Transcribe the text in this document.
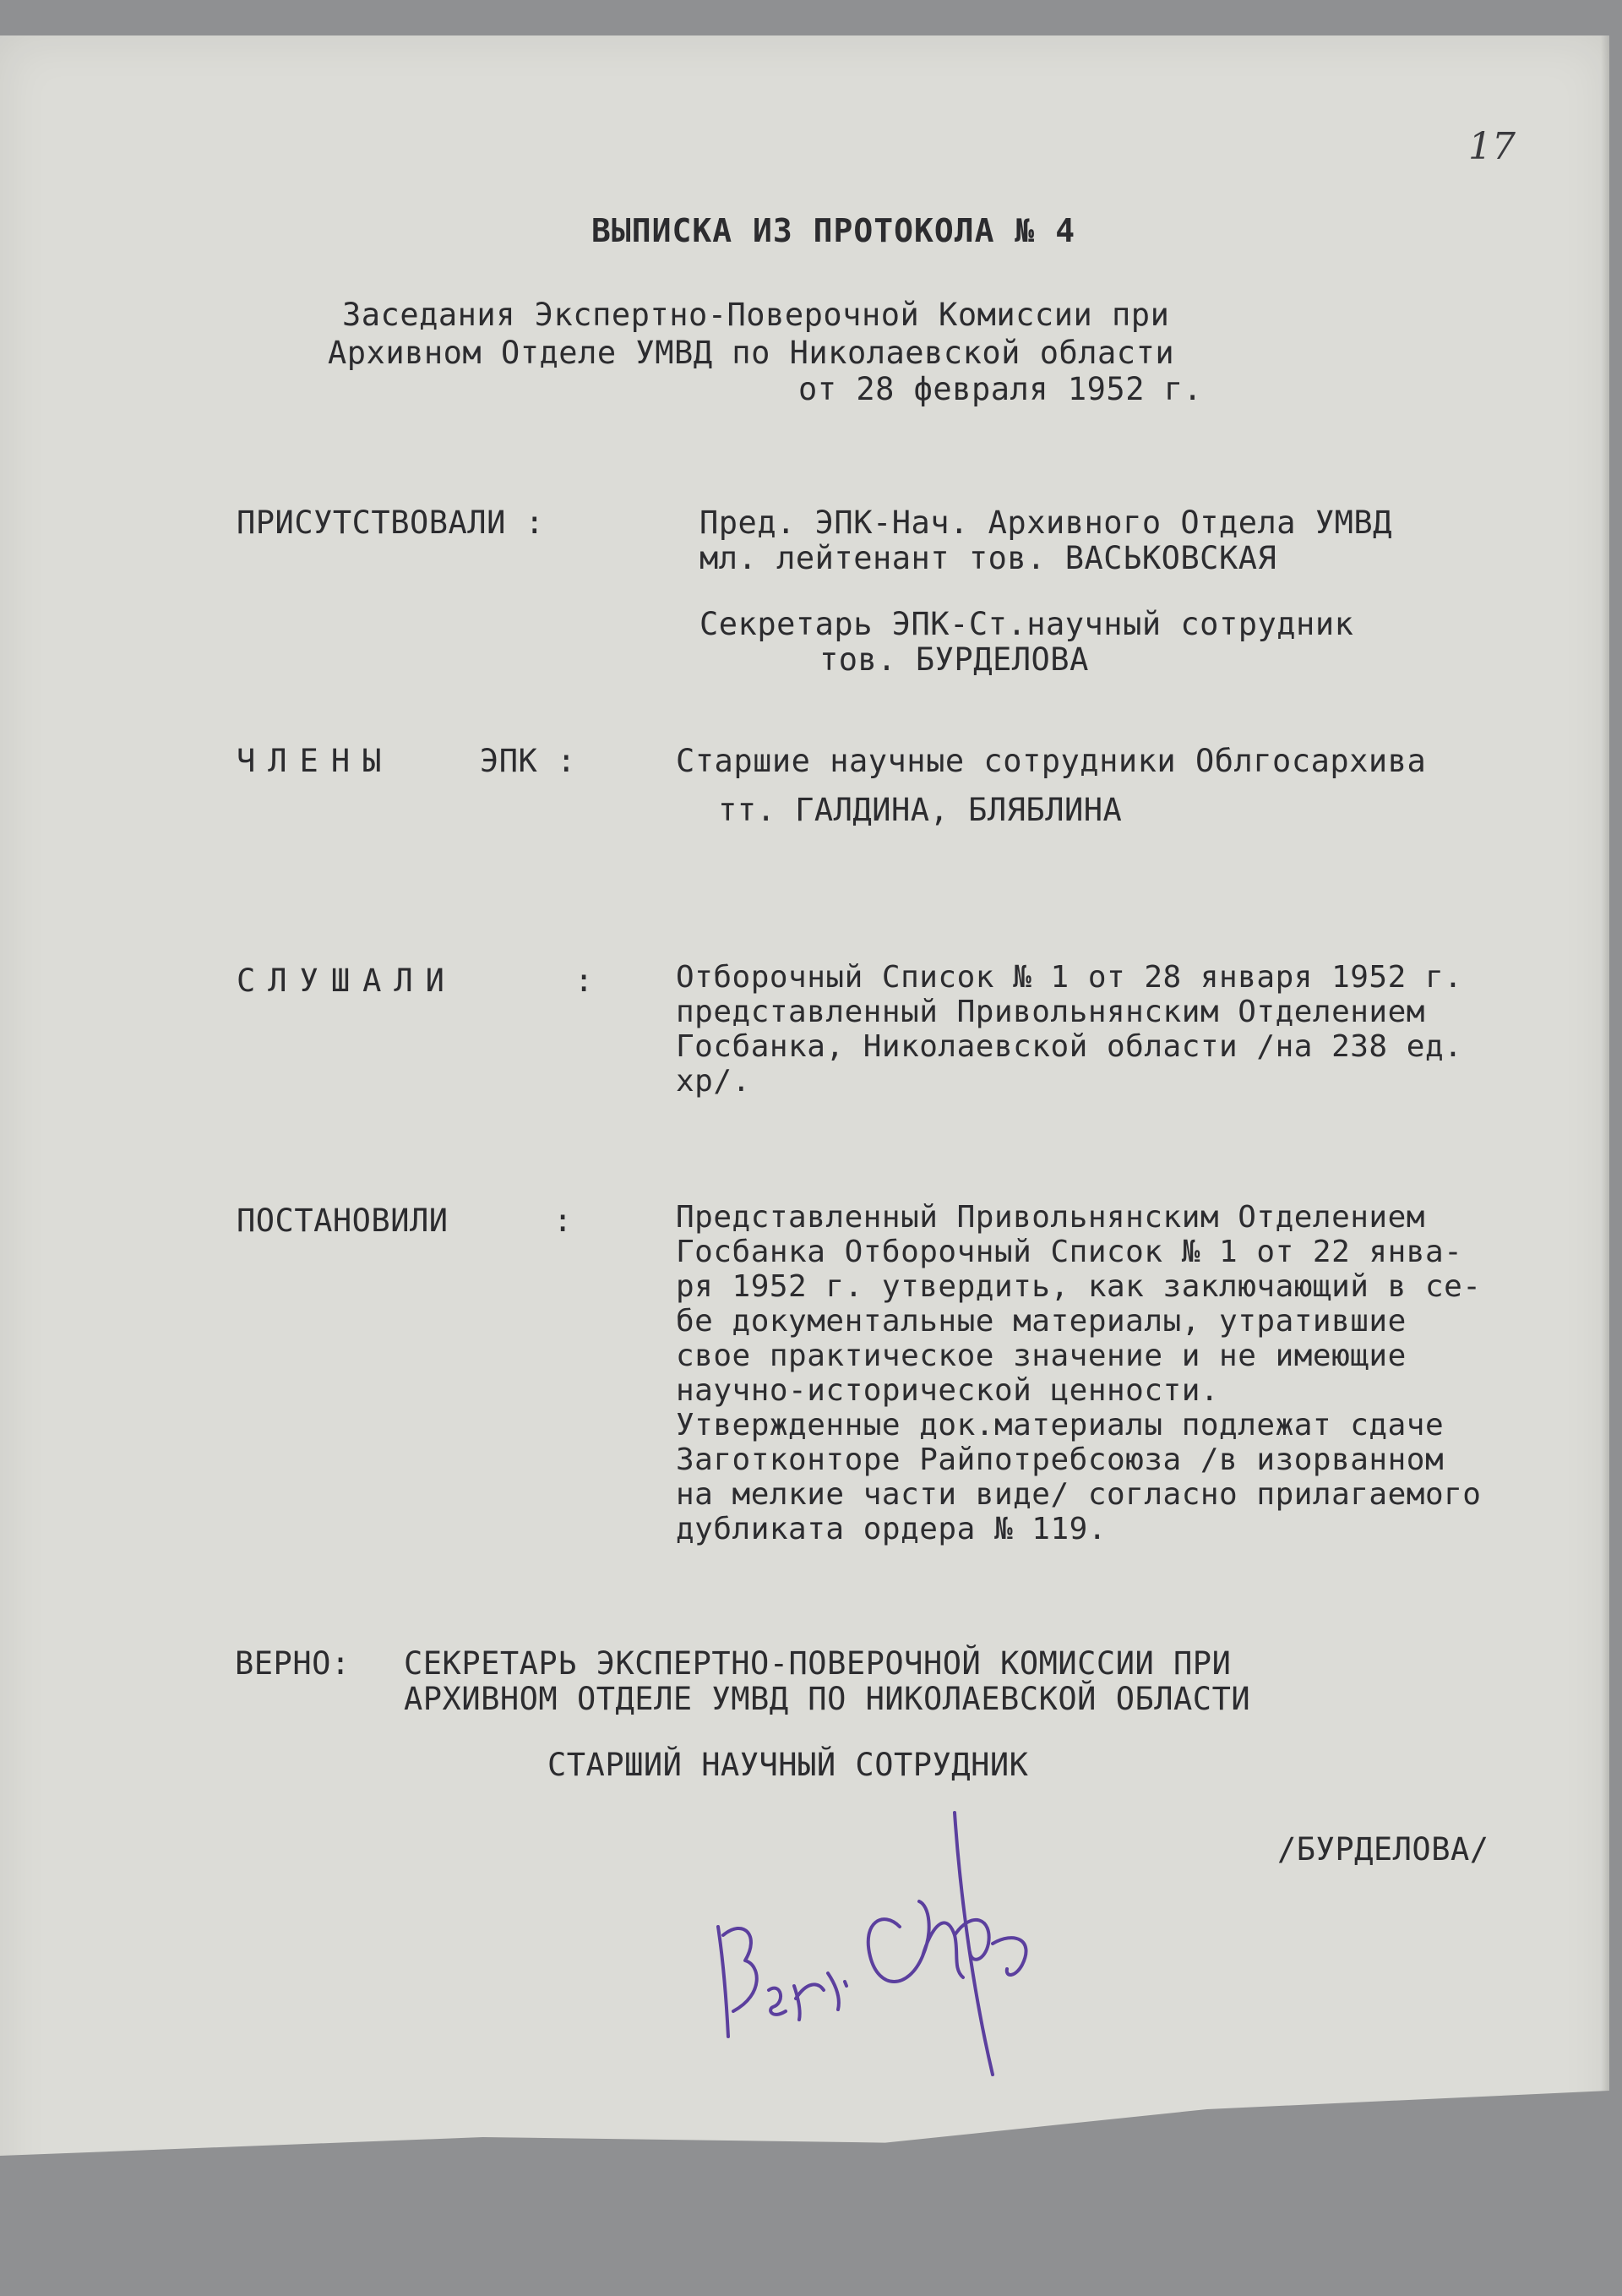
17
ВЫПИСКА ИЗ ПРОТОКОЛА № 4
Заседания Экспертно-Поверочной Комиссии при
Архивном Отделе УМВД по Николаевской области
от 28 февраля 1952 г.
ПРИСУТСТВОВАЛИ :	Пред. ЭПК-Нач. Архивного Отдела УМВД
мл. лейтенант тов. ВАСЬКОВСКАЯ
Секретарь ЭПК-Ст.научный сотрудник
тов. БУРДЕЛОВА
ЧЛЕНЫ	ЭПК :	Старшие научные сотрудники Облгосархива
тт. ГАЛДИНА, БЛЯБЛИНА
СЛУШАЛИ	:	Отборочный Список № 1 от 28 января 1952 г.
представленный Привольнянским Отделением
Госбанка, Николаевской области /на 238 ед.
хр/.
ПОСТАНОВИЛИ	:	Представленный Привольнянским Отделением
Госбанка Отборочный Список № 1 от 22 янва-
ря 1952 г. утвердить, как заключающий в се-
бе документальные материалы, утратившие
свое практическое значение и не имеющие
научно-исторической ценности.
Утвержденные док.материалы подлежат сдаче
Заготконторе Райпотребсоюза /в изорванном
на мелкие части виде/ согласно прилагаемого
дубликата ордера № 119.
ВЕРНО: СЕКРЕТАРЬ ЭКСПЕРТНО-ПОВЕРОЧНОЙ КОМИССИИ ПРИ
АРХИВНОМ ОТДЕЛЕ УМВД ПО НИКОЛАЕВСКОЙ ОБЛАСТИ
СТАРШИЙ НАУЧНЫЙ СОТРУДНИК
/БУРДЕЛОВА/
